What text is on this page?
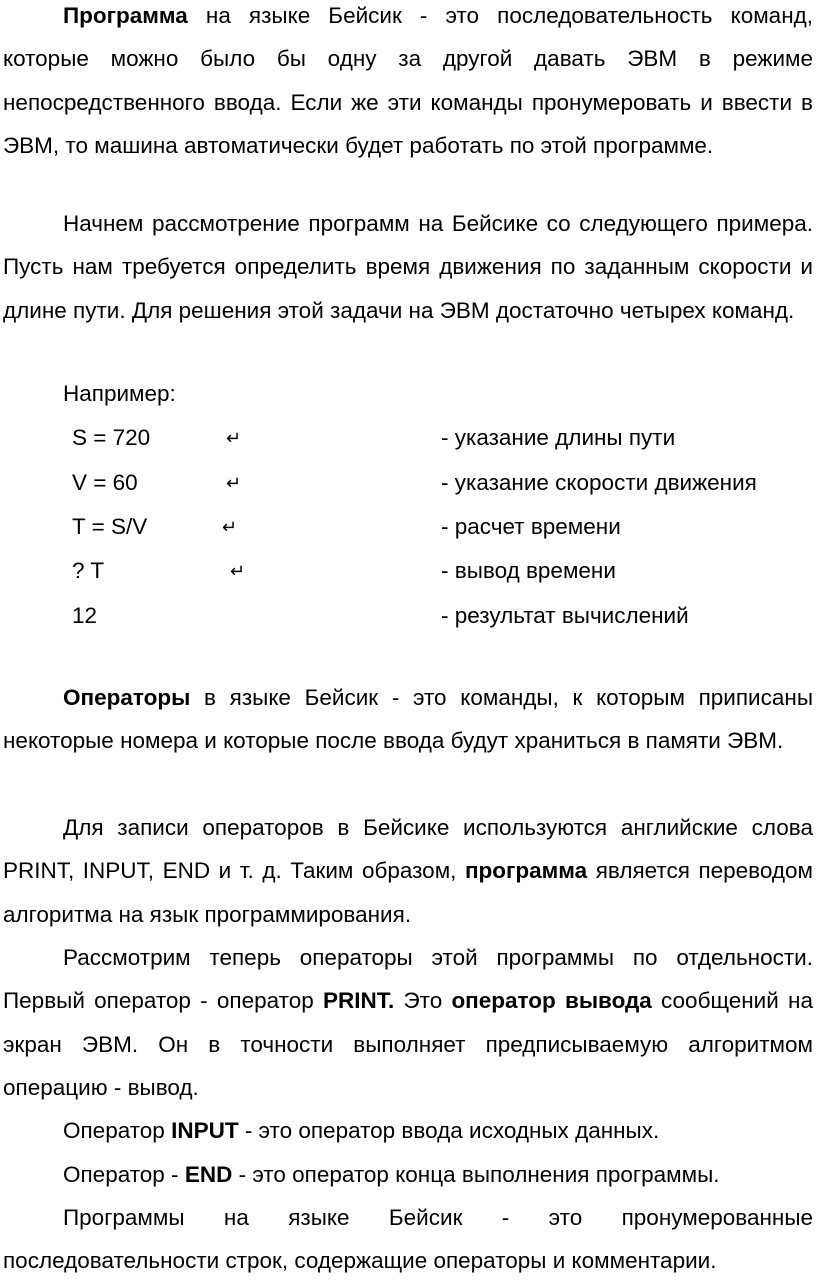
Программа на языке Бейсик - это последовательность команд, которые можно было бы одну за другой давать ЭВМ в режиме непосредственного ввода. Если же эти команды пронумеровать и ввести в ЭВМ, то машина автоматически будет работать по этой программе.

Начнем рассмотрение программ на Бейсике со следующего примера. Пусть нам требуется определить время движения по заданным скорости и длине пути. Для решения этой задачи на ЭВМ достаточно четырех команд.

Например:

S = 720	↵	- указание длины пути
V = 60	↵	- указание скорости движения
T = S/V	↵	- расчет времени
? T	↵	- вывод времени
12	- результат вычислений

Операторы в языке Бейсик - это команды, к которым приписаны некоторые номера и которые после ввода будут храниться в памяти ЭВМ.

Для записи операторов в Бейсике используются английские слова PRINT, INPUT, END и т. д. Таким образом, программа является переводом алгоритма на язык программирования.

Рассмотрим теперь операторы этой программы по отдельности. Первый оператор - оператор PRINT. Это оператор вывода сообщений на экран ЭВМ. Он в точности выполняет предписываемую алгоритмом операцию - вывод.

Оператор INPUT - это оператор ввода исходных данных.

Оператор - END - это оператор конца выполнения программы.

Программы на языке Бейсик - это пронумерованные последовательности строк, содержащие операторы и комментарии.
